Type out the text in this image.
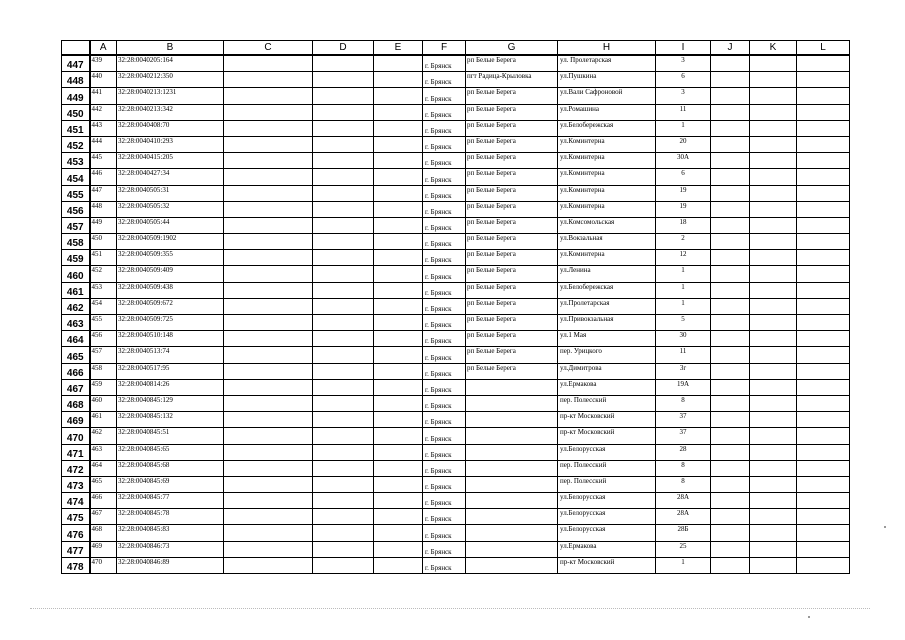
	A	B	C	D	E	F	G	H	I	J	K	L
447	439	32:28:0040205:164				г. Брянск	рп Белые Берега	ул. Пролетарская	3			
448	440	32:28:0040212:350				г. Брянск	пгт Радица-Крыловка	ул.Пушкина	6			
449	441	32:28:0040213:1231				г. Брянск	рп Белые Берега	ул.Вали Сафроновой	3			
450	442	32:28:0040213:342				г. Брянск	рп Белые Берега	ул.Ромашина	11			
451	443	32:28:0040408:70				г. Брянск	рп Белые Берега	ул.Белобережская	1			
452	444	32:28:0040410:293				г. Брянск	рп Белые Берега	ул.Коминтерна	20			
453	445	32:28:0040415:205				г. Брянск	рп Белые Берега	ул.Коминтерна	30А			
454	446	32:28:0040427:34				г. Брянск	рп Белые Берега	ул.Коминтерна	6			
455	447	32:28:0040505:31				г. Брянск	рп Белые Берега	ул.Коминтерна	19			
456	448	32:28:0040505:32				г. Брянск	рп Белые Берега	ул.Коминтерна	19			
457	449	32:28:0040505:44				г. Брянск	рп Белые Берега	ул.Комсомольская	18			
458	450	32:28:0040509:1902				г. Брянск	рп Белые Берега	ул.Вокзальная	2			
459	451	32:28:0040509:355				г. Брянск	рп Белые Берега	ул.Коминтерна	12			
460	452	32:28:0040509:409				г. Брянск	рп Белые Берега	ул.Ленина	1			
461	453	32:28:0040509:438				г. Брянск	рп Белые Берега	ул.Белобережская	1			
462	454	32:28:0040509:672				г. Брянск	рп Белые Берега	ул.Пролетарская	1			
463	455	32:28:0040509:725				г. Брянск	рп Белые Берега	ул.Привокзальная	5			
464	456	32:28:0040510:148				г. Брянск	рп Белые Берега	ул.1 Мая	30			
465	457	32:28:0040513:74				г. Брянск	рп Белые Берега	пер. Урицкого	11			
466	458	32:28:0040517:95				г. Брянск	рп Белые Берега	ул.Димитрова	3г			
467	459	32:28:0040814:26				г. Брянск		ул.Ермакова	19А			
468	460	32:28:0040845:129				г. Брянск		пер. Полесский	8			
469	461	32:28:0040845:132				г. Брянск		пр-кт Московский	37			
470	462	32:28:0040845:51				г. Брянск		пр-кт Московский	37			
471	463	32:28:0040845:65				г. Брянск		ул.Белорусская	28			
472	464	32:28:0040845:68				г. Брянск		пер. Полесский	8			
473	465	32:28:0040845:69				г. Брянск		пер. Полесский	8			
474	466	32:28:0040845:77				г. Брянск		ул.Белорусская	28А			
475	467	32:28:0040845:78				г. Брянск		ул.Белорусская	28А			
476	468	32:28:0040845:83				г. Брянск		ул.Белорусская	28Б			
477	469	32:28:0040846:73				г. Брянск		ул.Ермакова	25			
478	470	32:28:0040846:89				г. Брянск		пр-кт Московский	1			
